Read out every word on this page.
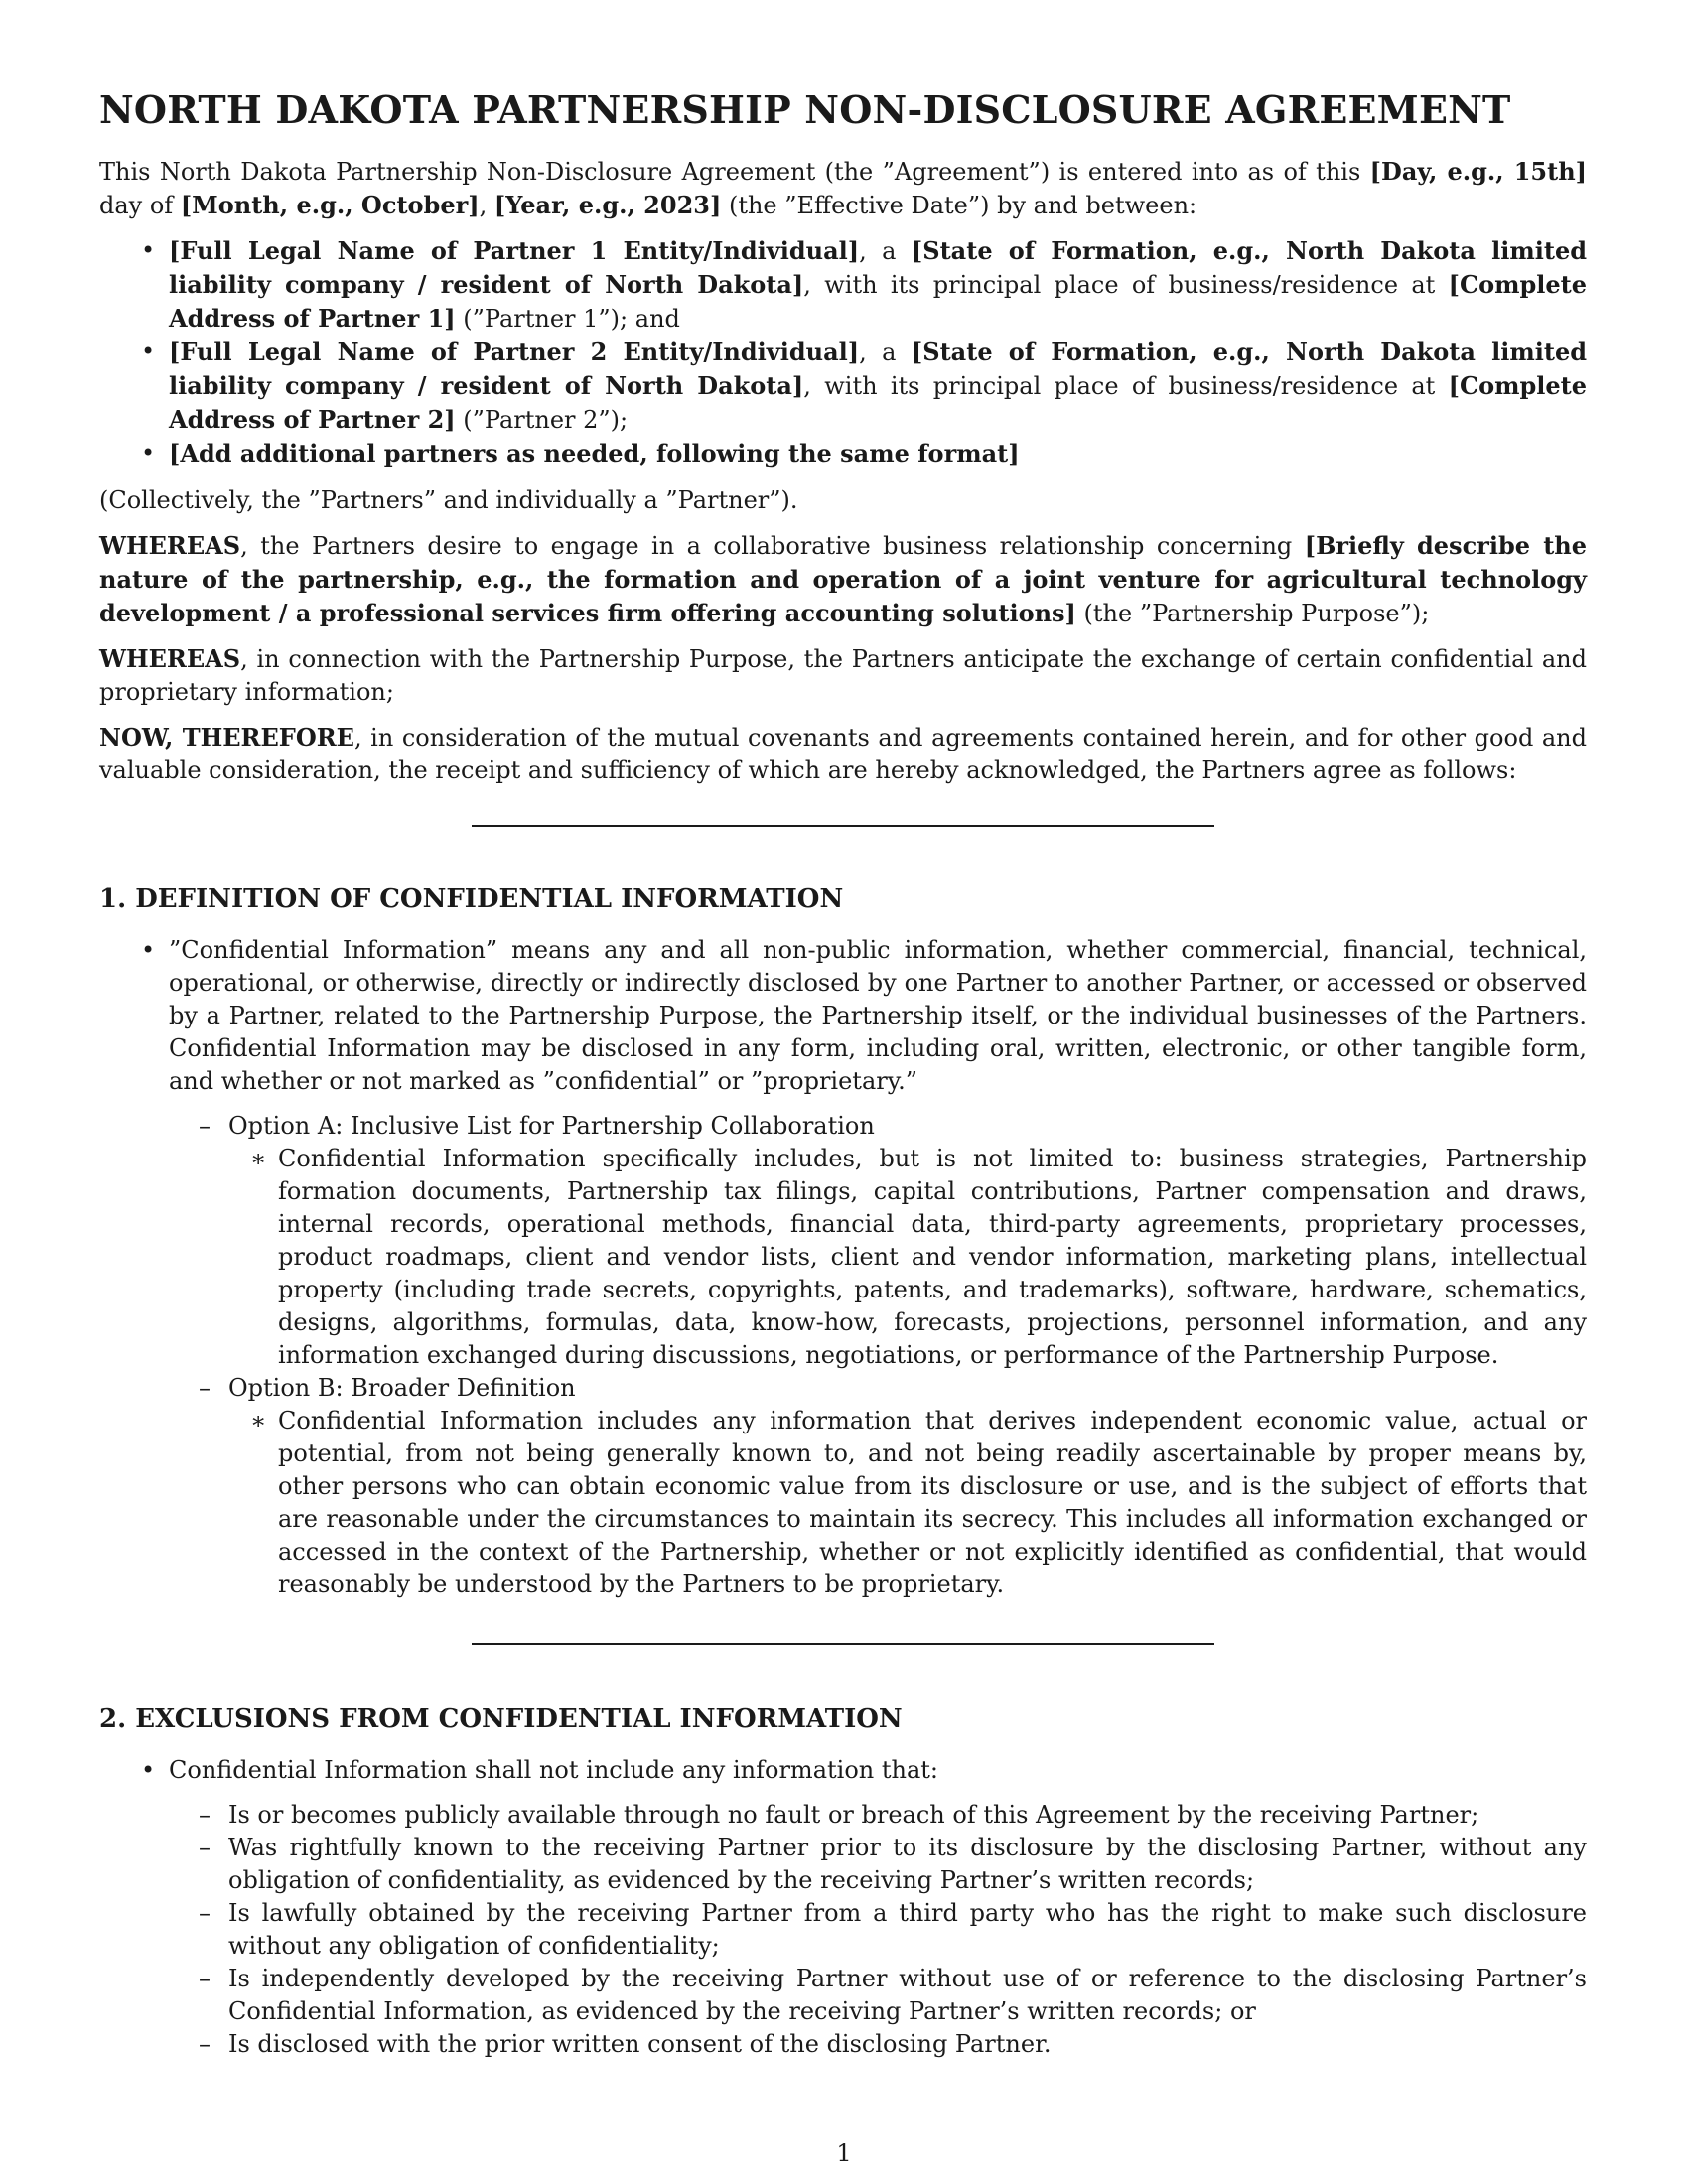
NORTH DAKOTA PARTNERSHIP NON-DISCLOSURE AGREEMENT

This North Dakota Partnership Non-Disclosure Agreement (the ”Agreement”) is entered into as of this [Day, e.g., 15th] day of [Month, e.g., October], [Year, e.g., 2023] (the ”Effective Date”) by and between:

• [Full Legal Name of Partner 1 Entity/Individual], a [State of Formation, e.g., North Dakota limited liability company / resident of North Dakota], with its principal place of business/residence at [Complete Address of Partner 1] (”Partner 1”); and
• [Full Legal Name of Partner 2 Entity/Individual], a [State of Formation, e.g., North Dakota limited liability company / resident of North Dakota], with its principal place of business/residence at [Complete Address of Partner 2] (”Partner 2”);
• [Add additional partners as needed, following the same format]

(Collectively, the ”Partners” and individually a ”Partner”).

WHEREAS, the Partners desire to engage in a collaborative business relationship concerning [Briefly describe the nature of the partnership, e.g., the formation and operation of a joint venture for agricultural technology development / a professional services firm offering accounting solutions] (the ”Partnership Purpose”);

WHEREAS, in connection with the Partnership Purpose, the Partners anticipate the exchange of certain confidential and proprietary information;

NOW, THEREFORE, in consideration of the mutual covenants and agreements contained herein, and for other good and valuable consideration, the receipt and sufficiency of which are hereby acknowledged, the Partners agree as follows:

1. DEFINITION OF CONFIDENTIAL INFORMATION
• ”Confidential Information” means any and all non-public information, whether commercial, financial, technical, operational, or otherwise, directly or indirectly disclosed by one Partner to another Partner, or accessed or observed by a Partner, related to the Partnership Purpose, the Partnership itself, or the individual businesses of the Partners. Confidential Information may be disclosed in any form, including oral, written, electronic, or other tangible form, and whether or not marked as ”confidential” or ”proprietary.”
– Option A: Inclusive List for Partnership Collaboration
∗ Confidential Information specifically includes, but is not limited to: business strategies, Partnership formation documents, Partnership tax filings, capital contributions, Partner compensation and draws, internal records, operational methods, financial data, third-party agreements, proprietary processes, product roadmaps, client and vendor lists, client and vendor information, marketing plans, intellectual property (including trade secrets, copyrights, patents, and trademarks), software, hardware, schematics, designs, algorithms, formulas, data, know-how, forecasts, projections, personnel information, and any information exchanged during discussions, negotiations, or performance of the Partnership Purpose.
– Option B: Broader Definition
∗ Confidential Information includes any information that derives independent economic value, actual or potential, from not being generally known to, and not being readily ascertainable by proper means by, other persons who can obtain economic value from its disclosure or use, and is the subject of efforts that are reasonable under the circumstances to maintain its secrecy. This includes all information exchanged or accessed in the context of the Partnership, whether or not explicitly identified as confidential, that would reasonably be understood by the Partners to be proprietary.
2. EXCLUSIONS FROM CONFIDENTIAL INFORMATION
• Confidential Information shall not include any information that:
– Is or becomes publicly available through no fault or breach of this Agreement by the receiving Partner;
– Was rightfully known to the receiving Partner prior to its disclosure by the disclosing Partner, without any obligation of confidentiality, as evidenced by the receiving Partner’s written records;
– Is lawfully obtained by the receiving Partner from a third party who has the right to make such disclosure without any obligation of confidentiality;
– Is independently developed by the receiving Partner without use of or reference to the disclosing Partner’s Confidential Information, as evidenced by the receiving Partner’s written records; or
– Is disclosed with the prior written consent of the disclosing Partner.
1
